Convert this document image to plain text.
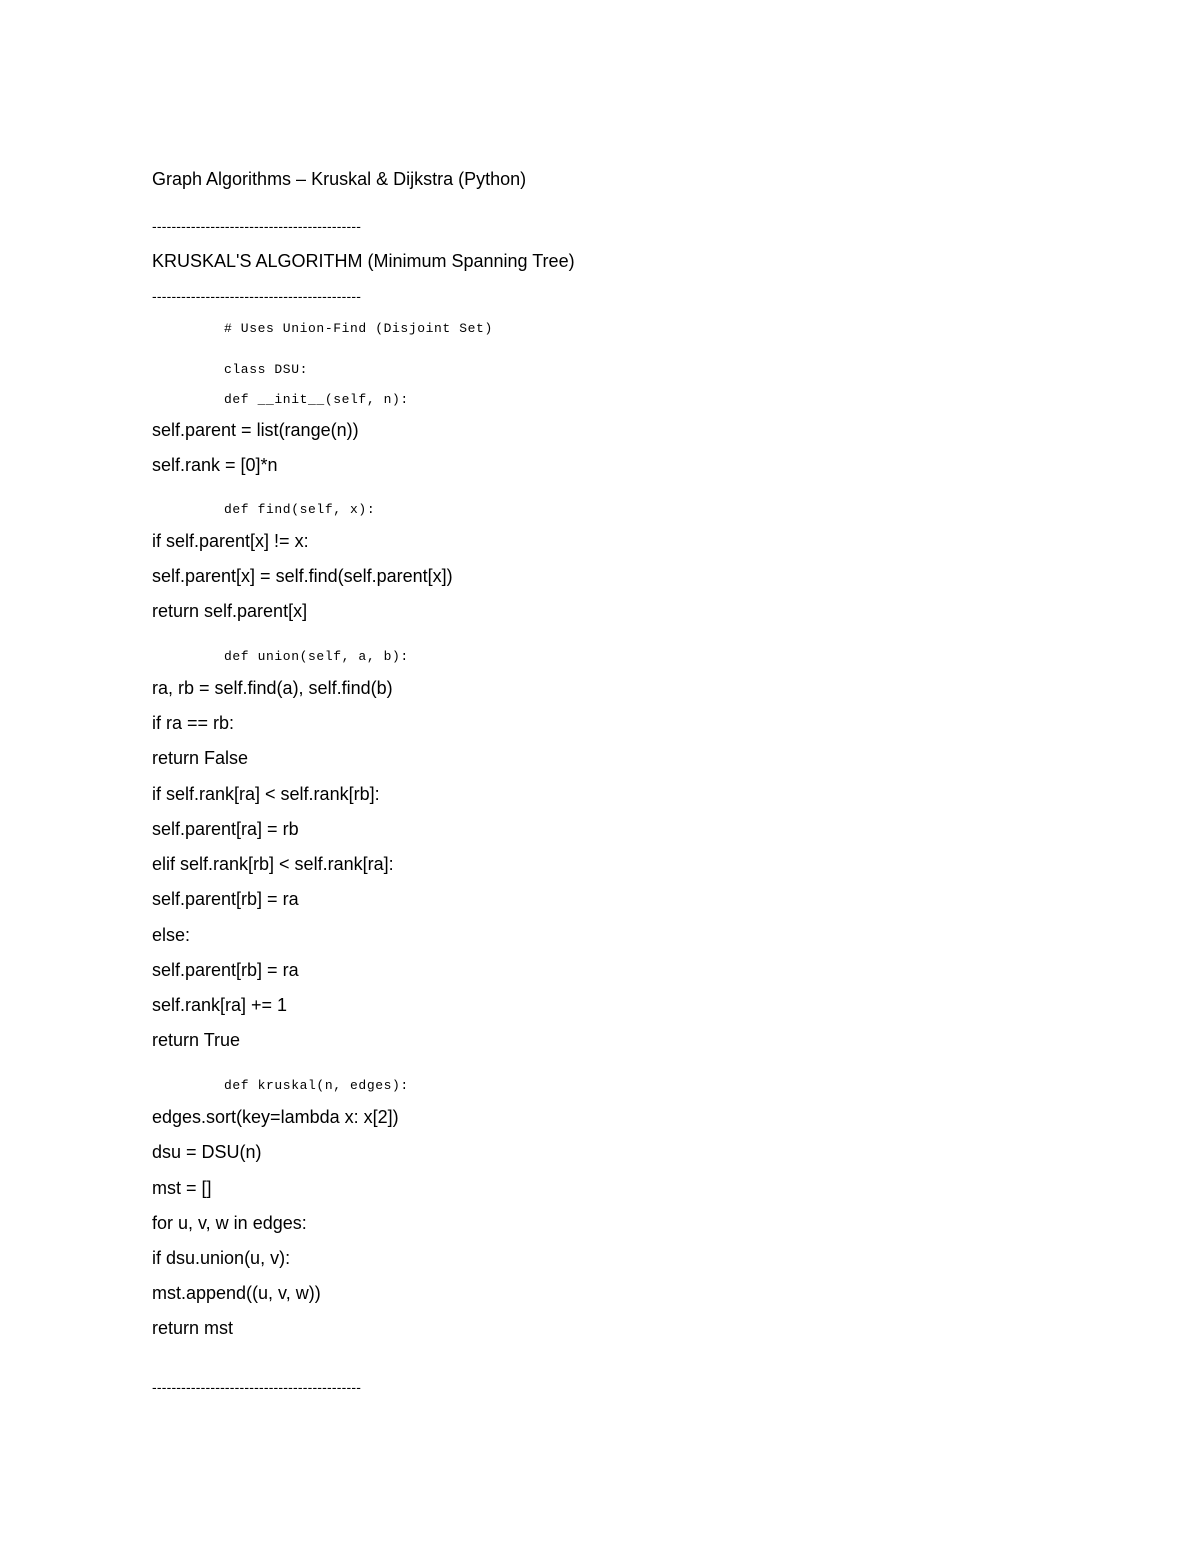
Graph Algorithms – Kruskal & Dijkstra (Python)
-------------------------------------------
KRUSKAL'S ALGORITHM (Minimum Spanning Tree)
-------------------------------------------
# Uses Union-Find (Disjoint Set)
class DSU:
def __init__(self, n):
self.parent = list(range(n))
self.rank = [0]*n
def find(self, x):
if self.parent[x] != x:
self.parent[x] = self.find(self.parent[x])
return self.parent[x]
def union(self, a, b):
ra, rb = self.find(a), self.find(b)
if ra == rb:
return False
if self.rank[ra] < self.rank[rb]:
self.parent[ra] = rb
elif self.rank[rb] < self.rank[ra]:
self.parent[rb] = ra
else:
self.parent[rb] = ra
self.rank[ra] += 1
return True
def kruskal(n, edges):
edges.sort(key=lambda x: x[2])
dsu = DSU(n)
mst = []
for u, v, w in edges:
if dsu.union(u, v):
mst.append((u, v, w))
return mst
-------------------------------------------
